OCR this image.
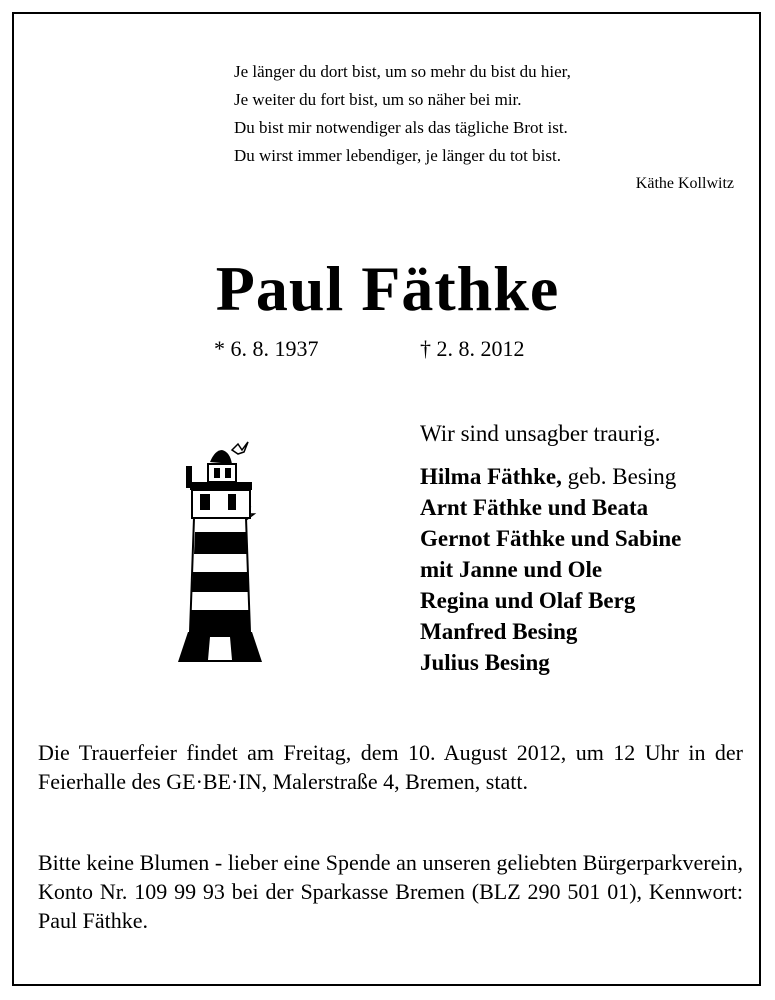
Je länger du dort bist, um so mehr du bist du hier,
Je weiter du fort bist, um so näher bei mir.
Du bist mir notwendiger als das tägliche Brot ist.
Du wirst immer lebendiger, je länger du tot bist.
Käthe Kollwitz
Paul Fäthke
* 6. 8. 1937	† 2. 8. 2012
Wir sind unsagber traurig.
Hilma Fäthke, geb. Besing
Arnt Fäthke und Beata
Gernot Fäthke und Sabine
mit Janne und Ole
Regina und Olaf Berg
Manfred Besing
Julius Besing
Die Trauerfeier findet am Freitag, dem 10. August 2012, um 12 Uhr in der Feierhalle des GE·BE·IN, Malerstraße 4, Bremen, statt.
Bitte keine Blumen - lieber eine Spende an unseren geliebten Bürgerparkverein, Konto Nr. 109 99 93 bei der Sparkasse Bremen (BLZ 290 501 01), Kennwort: Paul Fäthke.
